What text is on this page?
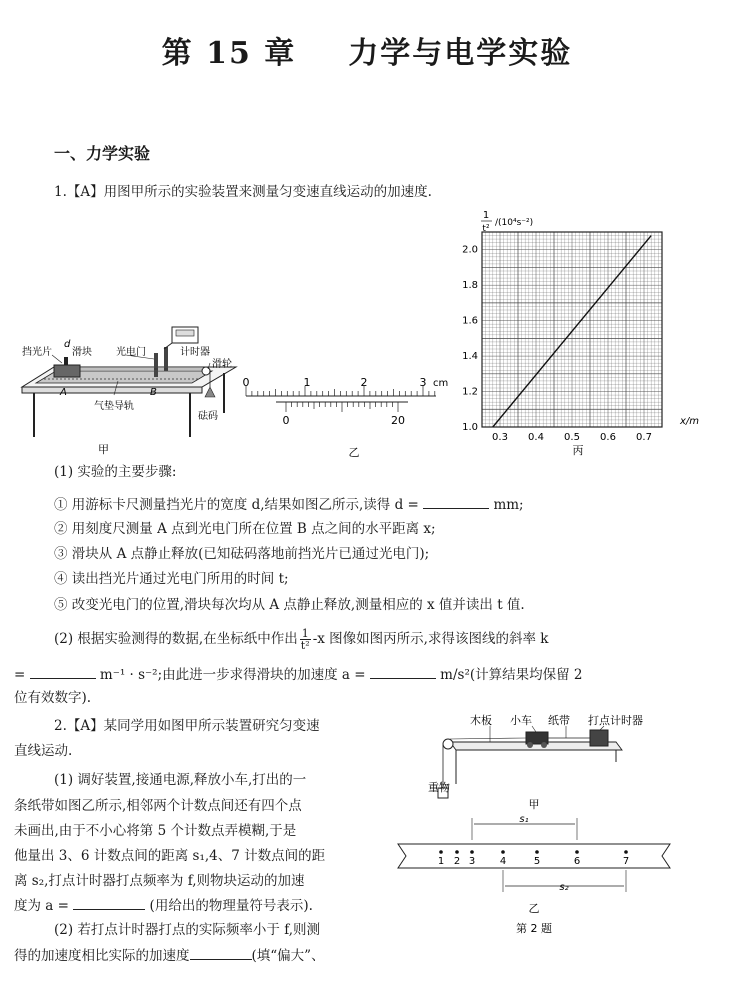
第 15 章 力学与电学实验
一、力学实验
1.【A】用图甲所示的实验装置来测量匀变速直线运动的加速度.
挡光片
d
滑块 光电门	计时器
滑轮
A	B
气垫导轨
砝码
甲
0	1	2	3 cm
0	20
乙
1
t²
/(10⁴s⁻²)
1.0
1.2
1.4
1.6
1.8
2.0
0.3 0.4 0.5 0.6 0.7
x/m
丙
(1) 实验的主要步骤:
① 用游标卡尺测量挡光片的宽度 d,结果如图乙所示,读得 d =	mm;
② 用刻度尺测量 A 点到光电门所在位置 B 点之间的水平距离 x;
③ 滑块从 A 点静止释放(已知砝码落地前挡光片已通过光电门);
④ 读出挡光片通过光电门所用的时间 t;
⑤ 改变光电门的位置,滑块每次均从 A 点静止释放,测量相应的 x 值并读出 t 值.
(2) 根据实验测得的数据,在坐标纸中作出 $\frac{1}{\text{t²}} -x$ 图像如图丙所示,求得该图线的斜率 k
=	m⁻¹ · s⁻²;由此进一步求得滑块的加速度 a =	m/s²(计算结果均保留 2
位有效数字).
2.【A】某同学用如图甲所示装置研究匀变速
直线运动.
(1) 调好装置,接通电源,释放小车,打出的一
条纸带如图乙所示,相邻两个计数点间还有四个点
未画出,由于不小心将第 5 个计数点弄模糊,于是
他量出 3、6 计数点间的距离 s₁,4、7 计数点间的距
离 s₂,打点计时器打点频率为 f,则物块运动的加速
度为 a =	(用给出的物理量符号表示).
(2) 若打点计时器打点的实际频率小于 f,则测
得的加速度相比实际的加速度	(填“偏大”、
木板 小车 纸带 打点计时器
重物
甲
1 2 3 4	5	6	7
s₁
s₂
乙
第 2 题
